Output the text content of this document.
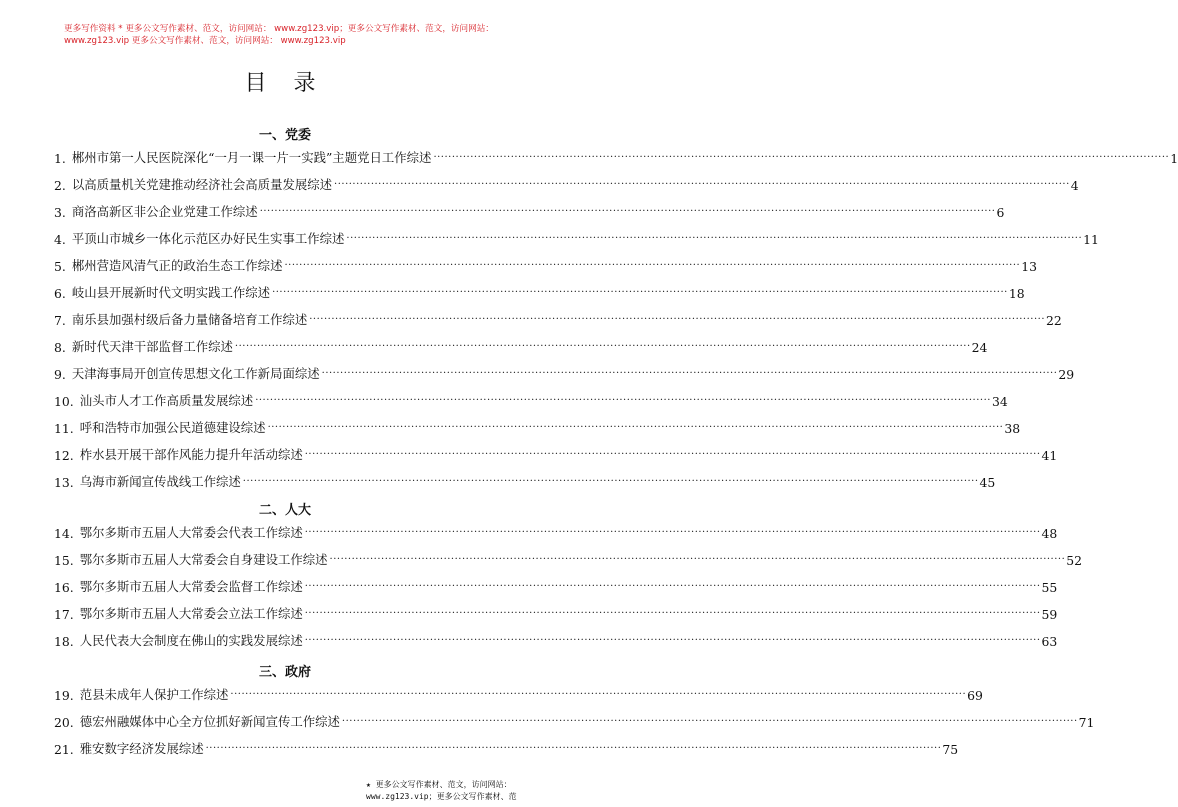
更多写作资料 * 更多公文写作素材、范文，访问网站： www.zg123.vip；更多公文写作素材、范文，访问网站：
www.zg123.vip 更多公文写作素材、范文，访问网站： www.zg123.vip
目 录
一、党委
二、人大
三、政府
1. 郴州市第一人民医院深化“一月一课一片一实践”主题党日工作综述 ········································································································································································································ 1
2. 以高质量机关党建推动经济社会高质量发展综述 ········································································································································································································ 4
3. 商洛高新区非公企业党建工作综述 ········································································································································································································ 6
4. 平顶山市城乡一体化示范区办好民生实事工作综述 ········································································································································································································ 11
5. 郴州营造风清气正的政治生态工作综述 ········································································································································································································ 13
6. 岐山县开展新时代文明实践工作综述 ········································································································································································································ 18
7. 南乐县加强村级后备力量储备培育工作综述 ········································································································································································································ 22
8. 新时代天津干部监督工作综述 ········································································································································································································ 24
9. 天津海事局开创宣传思想文化工作新局面综述 ········································································································································································································ 29
10. 汕头市人才工作高质量发展综述 ········································································································································································································ 34
11. 呼和浩特市加强公民道德建设综述 ········································································································································································································ 38
12. 柞水县开展干部作风能力提升年活动综述 ········································································································································································································ 41
13. 乌海市新闻宣传战线工作综述 ········································································································································································································ 45
14. 鄂尔多斯市五届人大常委会代表工作综述 ········································································································································································································ 48
15. 鄂尔多斯市五届人大常委会自身建设工作综述 ········································································································································································································ 52
16. 鄂尔多斯市五届人大常委会监督工作综述 ········································································································································································································ 55
17. 鄂尔多斯市五届人大常委会立法工作综述 ········································································································································································································ 59
18. 人民代表大会制度在佛山的实践发展综述 ········································································································································································································ 63
19. 范县未成年人保护工作综述 ········································································································································································································ 69
20. 德宏州融媒体中心全方位抓好新闻宣传工作综述 ········································································································································································································ 71
21. 雅安数字经济发展综述 ········································································································································································································ 75
★ 更多公文写作素材、范文，访问网站：
www.zg123.vip；更多公文写作素材、范
